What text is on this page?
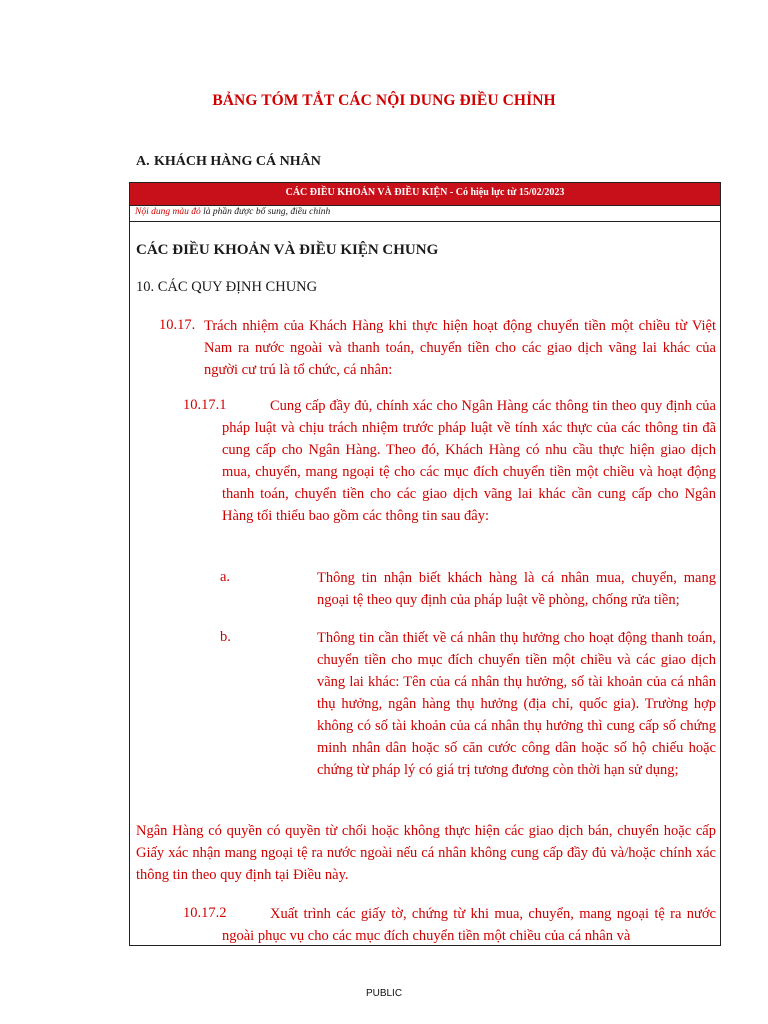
BẢNG TÓM TẮT CÁC NỘI DUNG ĐIỀU CHỈNH
A. KHÁCH HÀNG CÁ NHÂN
CÁC ĐIỀU KHOẢN VÀ ĐIỀU KIỆN - Có hiệu lực từ 15/02/2023
Nội dung màu đỏ là phần được bổ sung, điều chỉnh
CÁC ĐIỀU KHOẢN VÀ ĐIỀU KIỆN CHUNG
10. CÁC QUY ĐỊNH CHUNG
10.17. Trách nhiệm của Khách Hàng khi thực hiện hoạt động chuyển tiền một chiều từ Việt Nam ra nước ngoài và thanh toán, chuyển tiền cho các giao dịch vãng lai khác của người cư trú là tổ chức, cá nhân:
10.17.1	Cung cấp đầy đủ, chính xác cho Ngân Hàng các thông tin theo quy định của pháp luật và chịu trách nhiệm trước pháp luật về tính xác thực của các thông tin đã cung cấp cho Ngân Hàng. Theo đó, Khách Hàng có nhu cầu thực hiện giao dịch mua, chuyển, mang ngoại tệ cho các mục đích chuyển tiền một chiều và hoạt động thanh toán, chuyển tiền cho các giao dịch vãng lai khác cần cung cấp cho Ngân Hàng tối thiểu bao gồm các thông tin sau đây:
a.	Thông tin nhận biết khách hàng là cá nhân mua, chuyển, mang ngoại tệ theo quy định của pháp luật về phòng, chống rửa tiền;
b.	Thông tin cần thiết về cá nhân thụ hưởng cho hoạt động thanh toán, chuyển tiền cho mục đích chuyển tiền một chiều và các giao dịch vãng lai khác: Tên của cá nhân thụ hưởng, số tài khoản của cá nhân thụ hưởng, ngân hàng thụ hưởng (địa chỉ, quốc gia). Trường hợp không có số tài khoản của cá nhân thụ hưởng thì cung cấp số chứng minh nhân dân hoặc số căn cước công dân hoặc số hộ chiếu hoặc chứng từ pháp lý có giá trị tương đương còn thời hạn sử dụng;
Ngân Hàng có quyền có quyền từ chối hoặc không thực hiện các giao dịch bán, chuyển hoặc cấp Giấy xác nhận mang ngoại tệ ra nước ngoài nếu cá nhân không cung cấp đầy đủ và/hoặc chính xác thông tin theo quy định tại Điều này.
10.17.2	Xuất trình các giấy tờ, chứng từ khi mua, chuyển, mang ngoại tệ ra nước ngoài phục vụ cho các mục đích chuyển tiền một chiều của cá nhân và
PUBLIC
